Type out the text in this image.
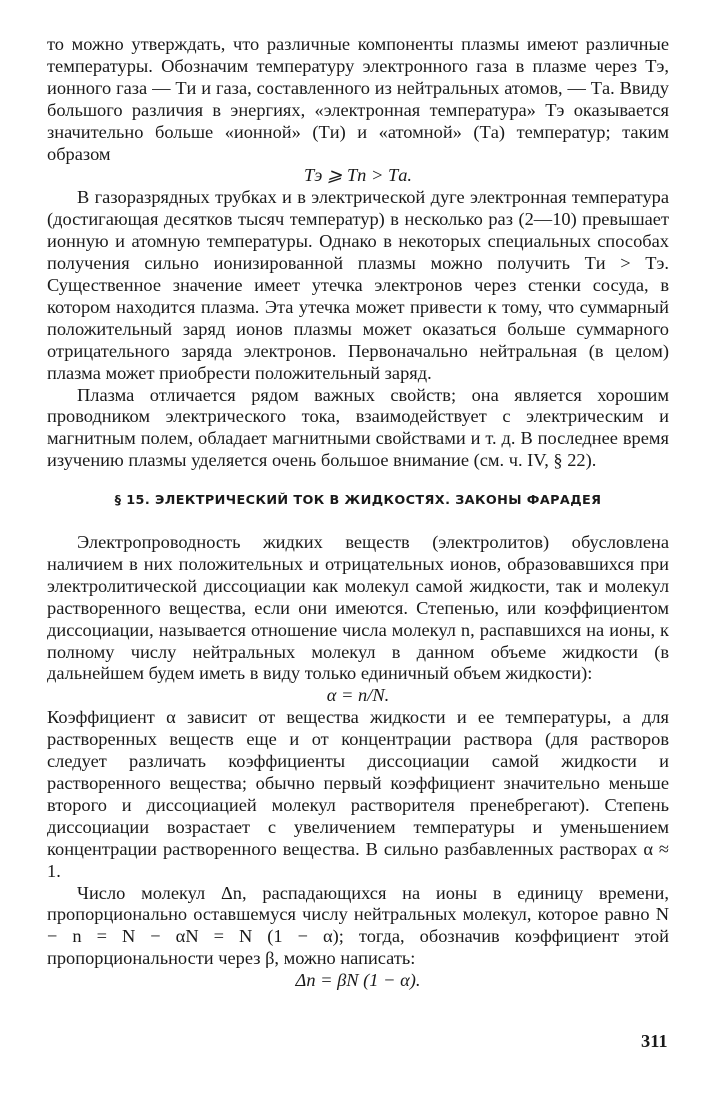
то можно утверждать, что различные компоненты плазмы имеют различные температуры. Обозначим температуру электронного газа в плазме через Tэ, ионного газа — Tи и газа, составленного из нейтральных атомов, — Tа. Ввиду большого различия в энергиях, «электронная температура» Tэ оказывается значительно больше «ионной» (Tи) и «атомной» (Tа) температур; таким образом

Tэ ⩾ Tп > Tа.

В газоразрядных трубках и в электрической дуге электронная температура (достигающая десятков тысяч температур) в несколько раз (2—10) превышает ионную и атомную температуры. Однако в некоторых специальных способах получения сильно ионизированной плазмы можно получить Tи > Tэ. Существенное значение имеет утечка электронов через стенки сосуда, в котором находится плазма. Эта утечка может привести к тому, что суммарный положительный заряд ионов плазмы может оказаться больше суммарного отрицательного заряда электронов. Первоначально нейтральная (в целом) плазма может приобрести положительный заряд.

Плазма отличается рядом важных свойств; она является хорошим проводником электрического тока, взаимодействует с электрическим и магнитным полем, обладает магнитными свойствами и т. д. В последнее время изучению плазмы уделяется очень большое внимание (см. ч. IV, § 22).

§ 15. ЭЛЕКТРИЧЕСКИЙ ТОК В ЖИДКОСТЯХ. ЗАКОНЫ ФАРАДЕЯ

Электропроводность жидких веществ (электролитов) обусловлена наличием в них положительных и отрицательных ионов, образовавшихся при электролитической диссоциации как молекул самой жидкости, так и молекул растворенного вещества, если они имеются. Степенью, или коэффициентом диссоциации, называется отношение числа молекул n, распавшихся на ионы, к полному числу нейтральных молекул в данном объеме жидкости (в дальнейшем будем иметь в виду только единичный объем жидкости):

α = n/N.

Коэффициент α зависит от вещества жидкости и ее температуры, а для растворенных веществ еще и от концентрации раствора (для растворов следует различать коэффициенты диссоциации самой жидкости и растворенного вещества; обычно первый коэффициент значительно меньше второго и диссоциацией молекул растворителя пренебрегают). Степень диссоциации возрастает с увеличением температуры и уменьшением концентрации растворенного вещества. В сильно разбавленных растворах α ≈ 1.

Число молекул Δn, распадающихся на ионы в единицу времени, пропорционально оставшемуся числу нейтральных молекул, которое равно N − n = N − αN = N (1 − α); тогда, обозначив коэффициент этой пропорциональности через β, можно написать:

Δn = βN (1 − α).

311
